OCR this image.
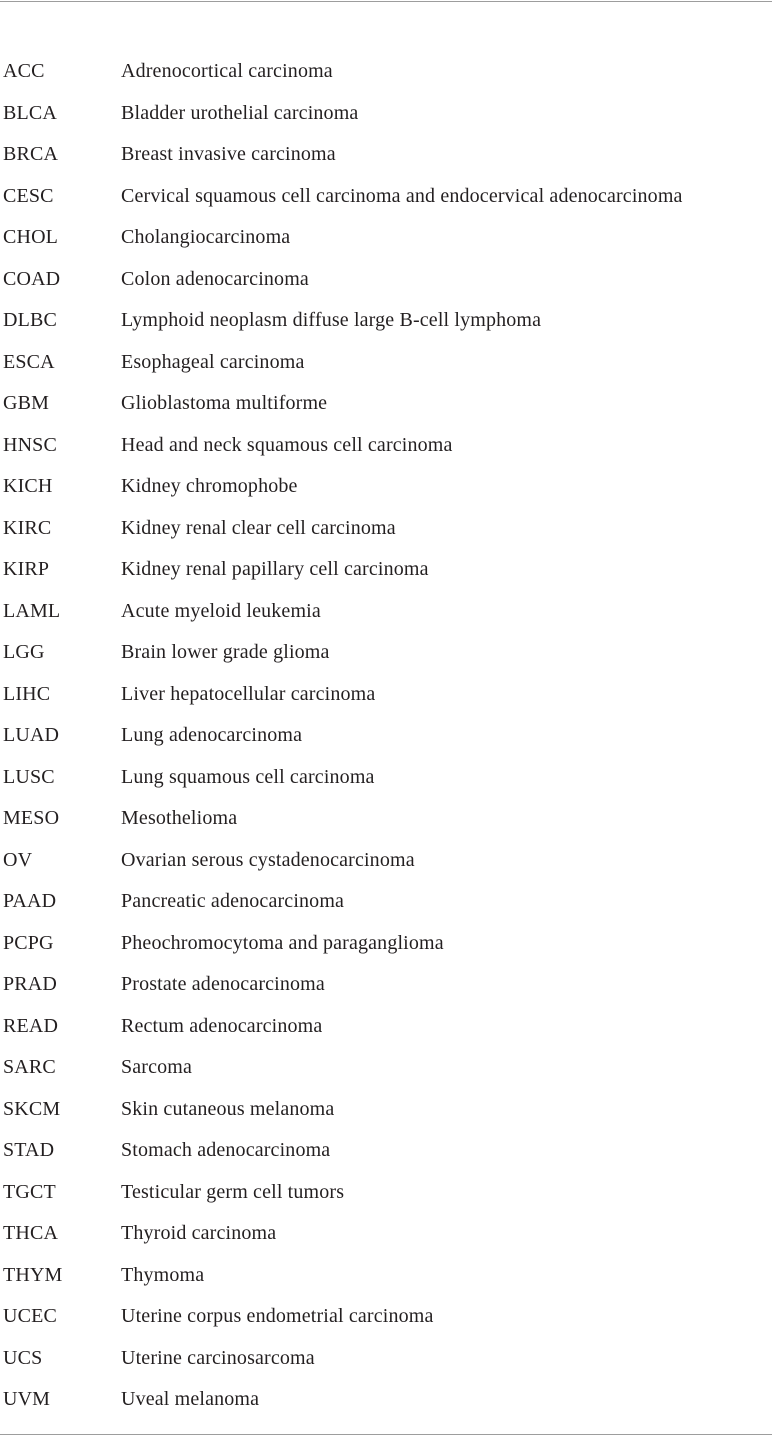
ACC	Adrenocortical carcinoma
BLCA	Bladder urothelial carcinoma
BRCA	Breast invasive carcinoma
CESC	Cervical squamous cell carcinoma and endocervical adenocarcinoma
CHOL	Cholangiocarcinoma
COAD	Colon adenocarcinoma
DLBC	Lymphoid neoplasm diffuse large B-cell lymphoma
ESCA	Esophageal carcinoma
GBM	Glioblastoma multiforme
HNSC	Head and neck squamous cell carcinoma
KICH	Kidney chromophobe
KIRC	Kidney renal clear cell carcinoma
KIRP	Kidney renal papillary cell carcinoma
LAML	Acute myeloid leukemia
LGG	Brain lower grade glioma
LIHC	Liver hepatocellular carcinoma
LUAD	Lung adenocarcinoma
LUSC	Lung squamous cell carcinoma
MESO	Mesothelioma
OV	Ovarian serous cystadenocarcinoma
PAAD	Pancreatic adenocarcinoma
PCPG	Pheochromocytoma and paraganglioma
PRAD	Prostate adenocarcinoma
READ	Rectum adenocarcinoma
SARC	Sarcoma
SKCM	Skin cutaneous melanoma
STAD	Stomach adenocarcinoma
TGCT	Testicular germ cell tumors
THCA	Thyroid carcinoma
THYM	Thymoma
UCEC	Uterine corpus endometrial carcinoma
UCS	Uterine carcinosarcoma
UVM	Uveal melanoma
